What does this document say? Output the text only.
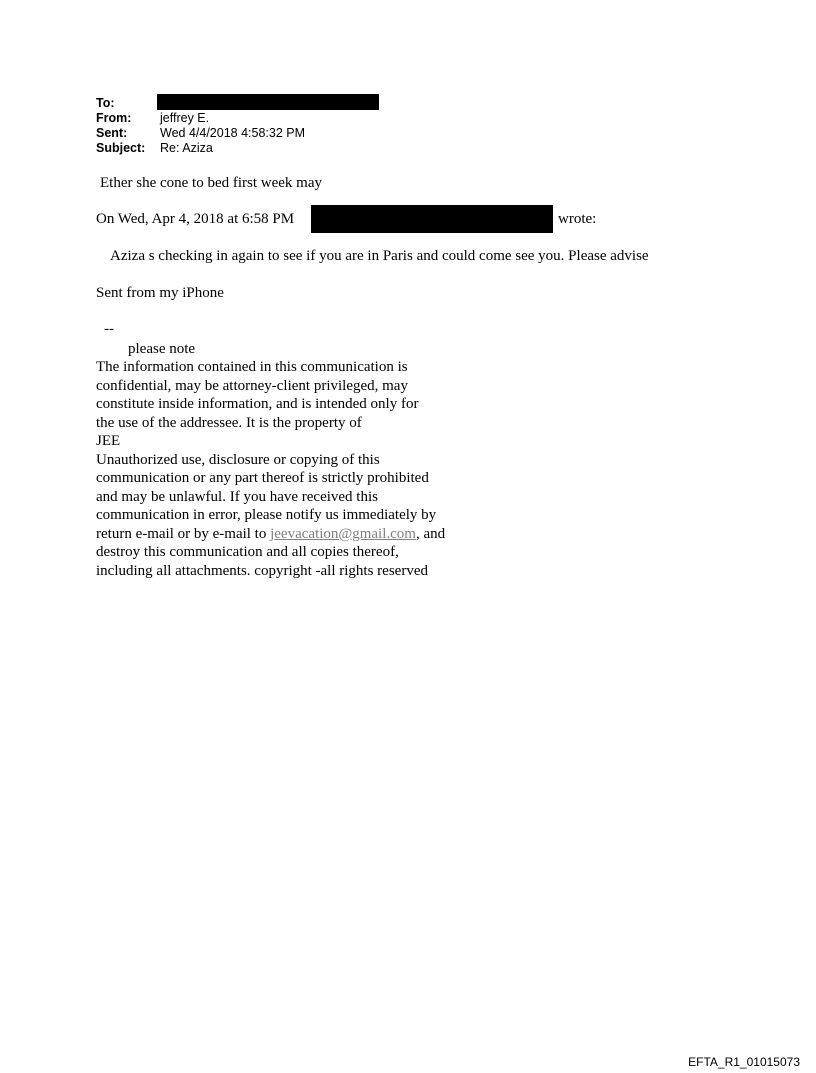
To:
From:	jeffrey E.
Sent:	Wed 4/4/2018 4:58:32 PM
Subject:	Re: Aziza
Ether she cone to bed first week may
On Wed, Apr 4, 2018 at 6:58 PM	wrote:
Aziza s checking in again to see if you are in Paris and could come see you. Please advise
Sent from my iPhone
--
please note
The information contained in this communication is
confidential, may be attorney-client privileged, may
constitute inside information, and is intended only for
the use of the addressee. It is the property of
JEE
Unauthorized use, disclosure or copying of this
communication or any part thereof is strictly prohibited
and may be unlawful. If you have received this
communication in error, please notify us immediately by
return e-mail or by e-mail to jeevacation@gmail.com, and
destroy this communication and all copies thereof,
including all attachments. copyright -all rights reserved
EFTA_R1_01015073
